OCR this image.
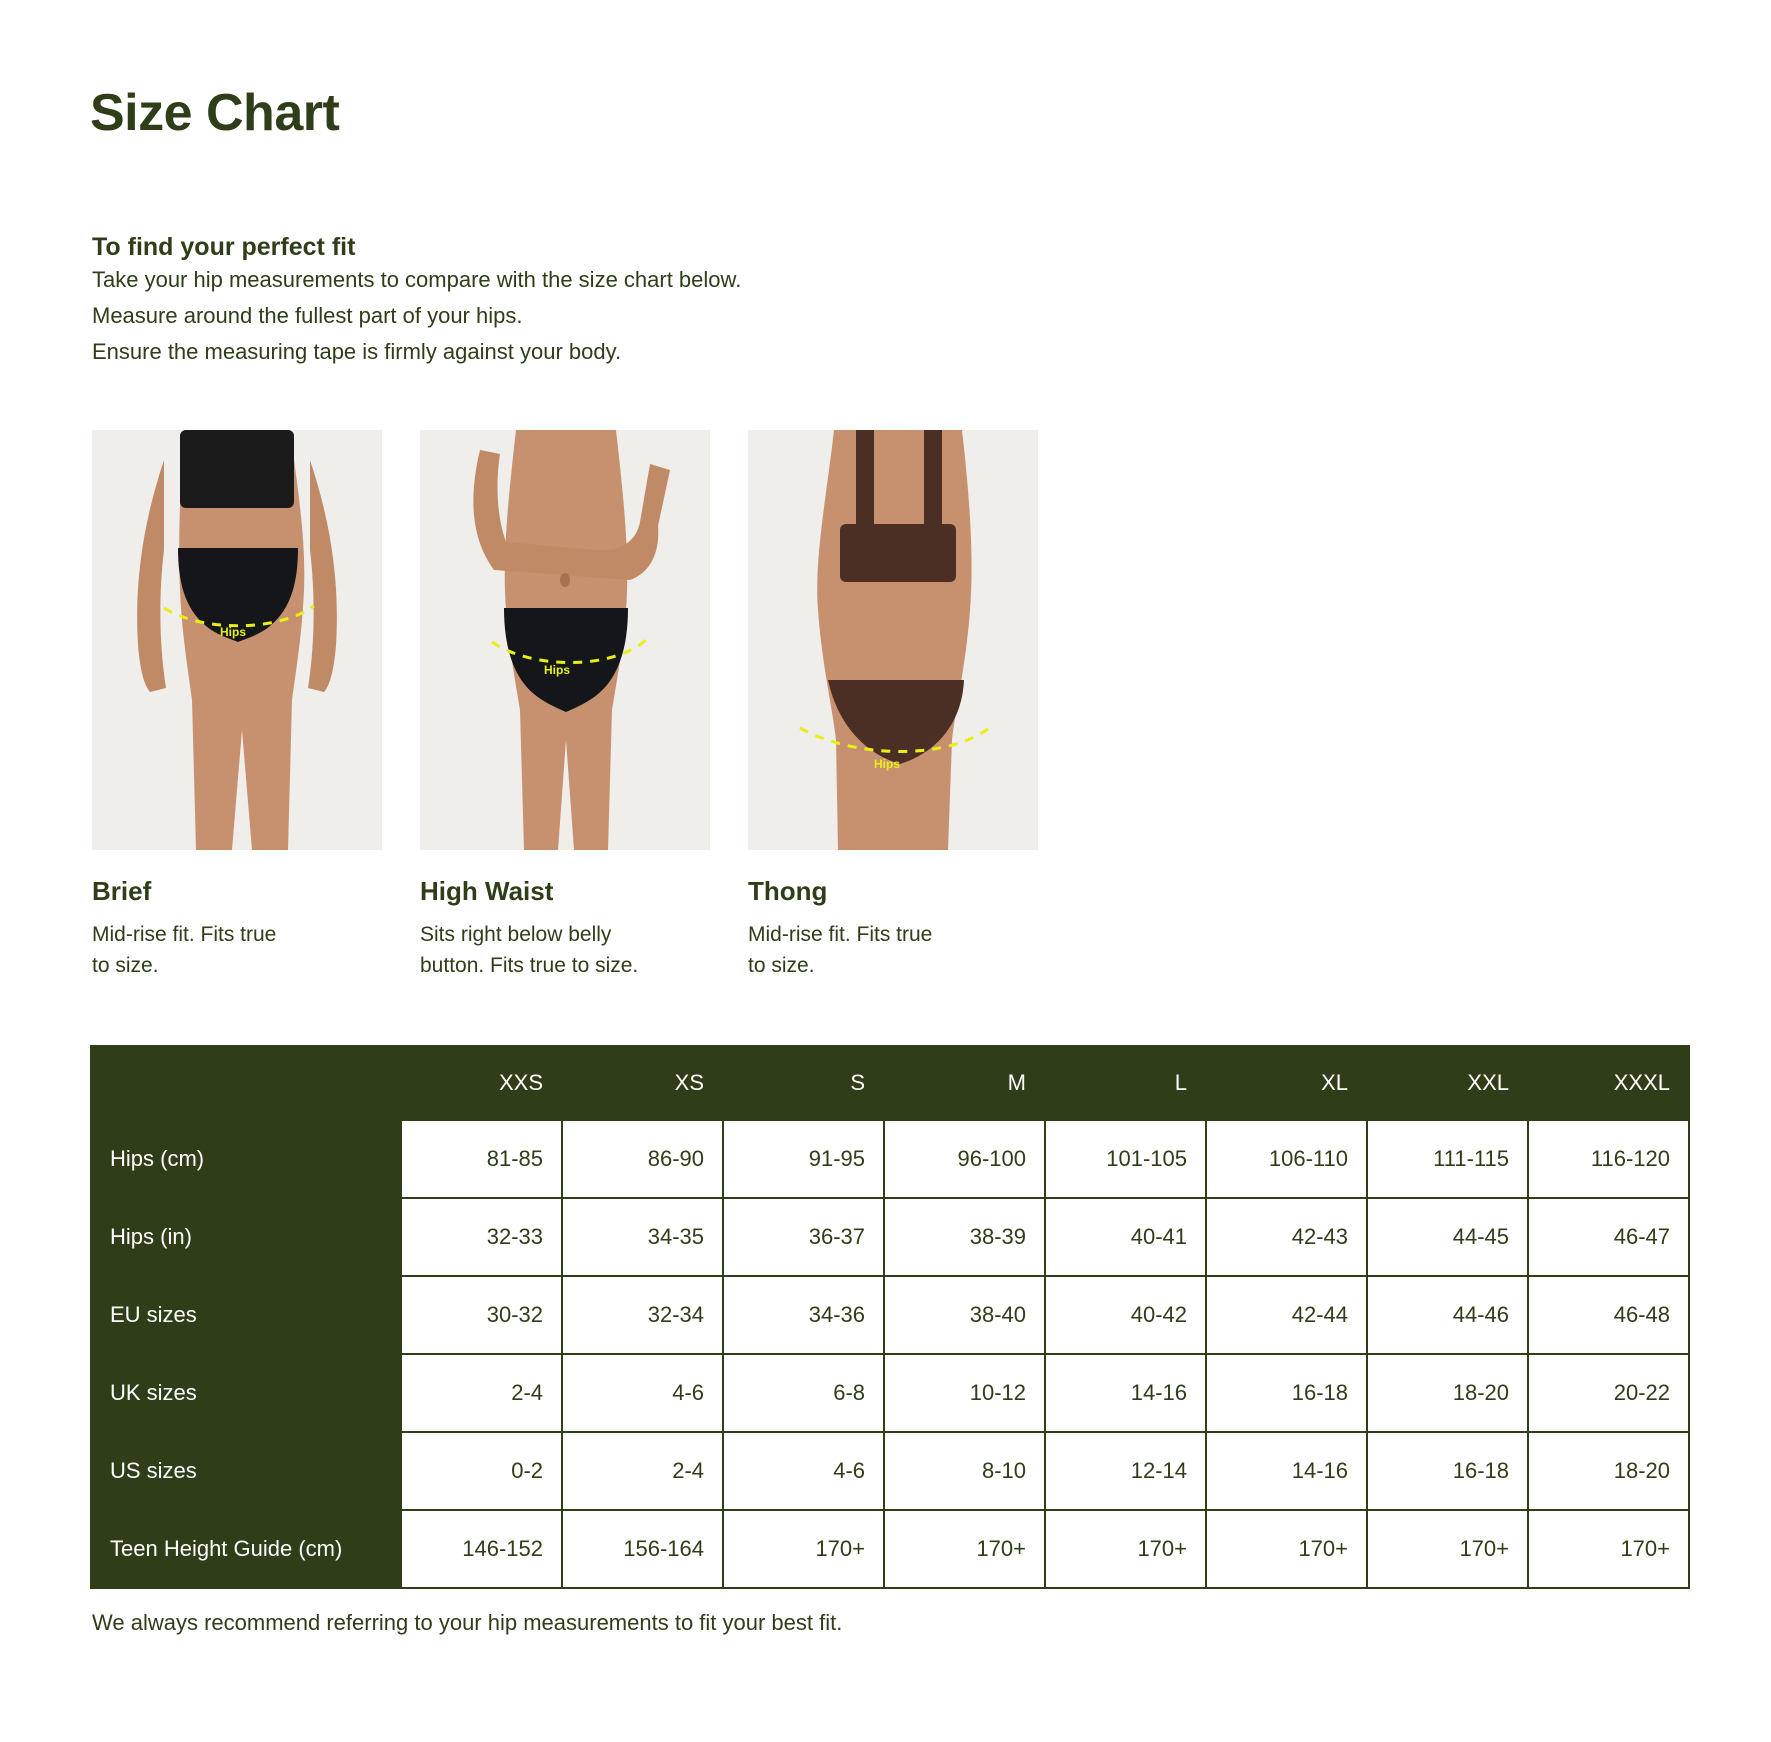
Size Chart
To find your perfect fit
Take your hip measurements to compare with the size chart below.
Measure around the fullest part of your hips.
Ensure the measuring tape is firmly against your body.
Hips
Brief
Mid-rise fit. Fits true
to size.
Hips
High Waist
Sits right below belly
button. Fits true to size.
Hips
Thong
Mid-rise fit. Fits true
to size.
	XXS	XS	S	M	L	XL	XXL	XXXL
Hips (cm)	81-85	86-90	91-95	96-100	101-105	106-110	111-115	116-120
Hips (in)	32-33	34-35	36-37	38-39	40-41	42-43	44-45	46-47
EU sizes	30-32	32-34	34-36	38-40	40-42	42-44	44-46	46-48
UK sizes	2-4	4-6	6-8	10-12	14-16	16-18	18-20	20-22
US sizes	0-2	2-4	4-6	8-10	12-14	14-16	16-18	18-20
Teen Height Guide (cm)	146-152	156-164	170+	170+	170+	170+	170+	170+
We always recommend referring to your hip measurements to fit your best fit.
